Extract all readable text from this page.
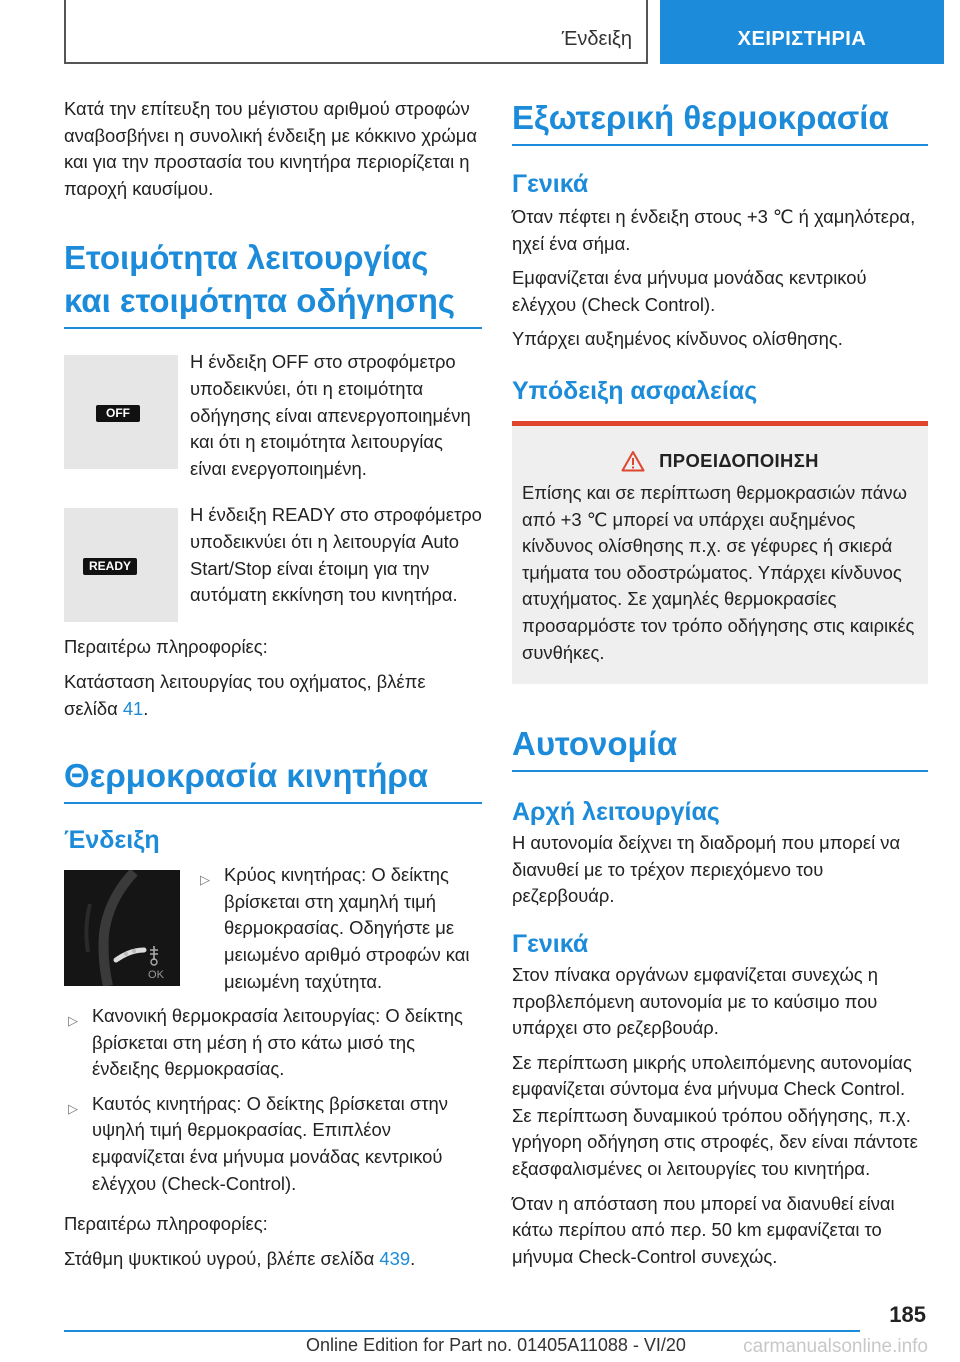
Ένδειξη	ΧΕΙΡΙΣΤΗΡΙΑ

Κατά την επίτευξη του μέγιστου αριθμού στροφών αναβοσβήνει η συνολική ένδειξη με κόκκινο χρώμα και για την προστασία του κινητήρα περιορίζεται η παροχή καυσίμου.

Ετοιμότητα λειτουργίας και ετοιμότητα οδήγησης
OFF

Η ένδειξη OFF στο στροφόμετρο υποδεικνύει, ότι η ετοιμότητα οδήγησης είναι απενεργοποιημένη και ότι η ετοιμότητα λειτουργίας είναι ενεργοποιημένη.

READY

Η ένδειξη READY στο στροφόμετρο υποδεικνύει ότι η λειτουργία Auto Start/Stop είναι έτοιμη για την αυτόματη εκκίνηση του κινητήρα.

Περαιτέρω πληροφορίες:

Κατάσταση λειτουργίας του οχήματος, βλέπε σελίδα 41.

Θερμοκρασία κινητήρα
Ένδειξη
OK
▷ Κρύος κινητήρας: Ο δείκτης βρίσκεται στη χαμηλή τιμή θερμοκρασίας. Οδηγήστε με μειωμένο αριθμό στροφών και μειωμένη ταχύτητα.
▷ Κανονική θερμοκρασία λειτουργίας: Ο δείκτης βρίσκεται στη μέση ή στο κάτω μισό της ένδειξης θερμοκρασίας.
▷ Καυτός κινητήρας: Ο δείκτης βρίσκεται στην υψηλή τιμή θερμοκρασίας. Επιπλέον εμφανίζεται ένα μήνυμα μονάδας κεντρικού ελέγχου (Check-Control).

Περαιτέρω πληροφορίες:

Στάθμη ψυκτικού υγρού, βλέπε σελίδα 439.

Εξωτερική θερμοκρασία
Γενικά

Όταν πέφτει η ένδειξη στους +3 ℃ ή χαμηλότερα, ηχεί ένα σήμα.

Εμφανίζεται ένα μήνυμα μονάδας κεντρικού ελέγχου (Check Control).

Υπάρχει αυξημένος κίνδυνος ολίσθησης.

Υπόδειξη ασφαλείας
ΠΡΟΕΙΔΟΠΟΙΗΣΗ

Επίσης και σε περίπτωση θερμοκρασιών πάνω από +3 ℃ μπορεί να υπάρχει αυξημένος κίνδυνος ολίσθησης π.χ. σε γέφυρες ή σκιερά τμήματα του οδοστρώματος. Υπάρχει κίνδυνος ατυχήματος. Σε χαμηλές θερμοκρασίες προσαρμόστε τον τρόπο οδήγησης στις καιρικές συνθήκες.

Αυτονομία
Αρχή λειτουργίας

Η αυτονομία δείχνει τη διαδρομή που μπορεί να διανυθεί με το τρέχον περιεχόμενο του ρεζερβουάρ.

Γενικά

Στον πίνακα οργάνων εμφανίζεται συνεχώς η προβλεπόμενη αυτονομία με το καύσιμο που υπάρχει στο ρεζερβουάρ.

Σε περίπτωση μικρής υπολειπόμενης αυτονομίας εμφανίζεται σύντομα ένα μήνυμα Check Control. Σε περίπτωση δυναμικού τρόπου οδήγησης, π.χ. γρήγορη οδήγηση στις στροφές, δεν είναι πάντοτε εξασφαλισμένες οι λειτουργίες του κινητήρα.

Όταν η απόσταση που μπορεί να διανυθεί είναι κάτω περίπου από περ. 50 km εμφανίζεται το μήνυμα Check-Control συνεχώς.

185
Online Edition for Part no. 01405A11088 - VI/20	carmanualsonline.info
